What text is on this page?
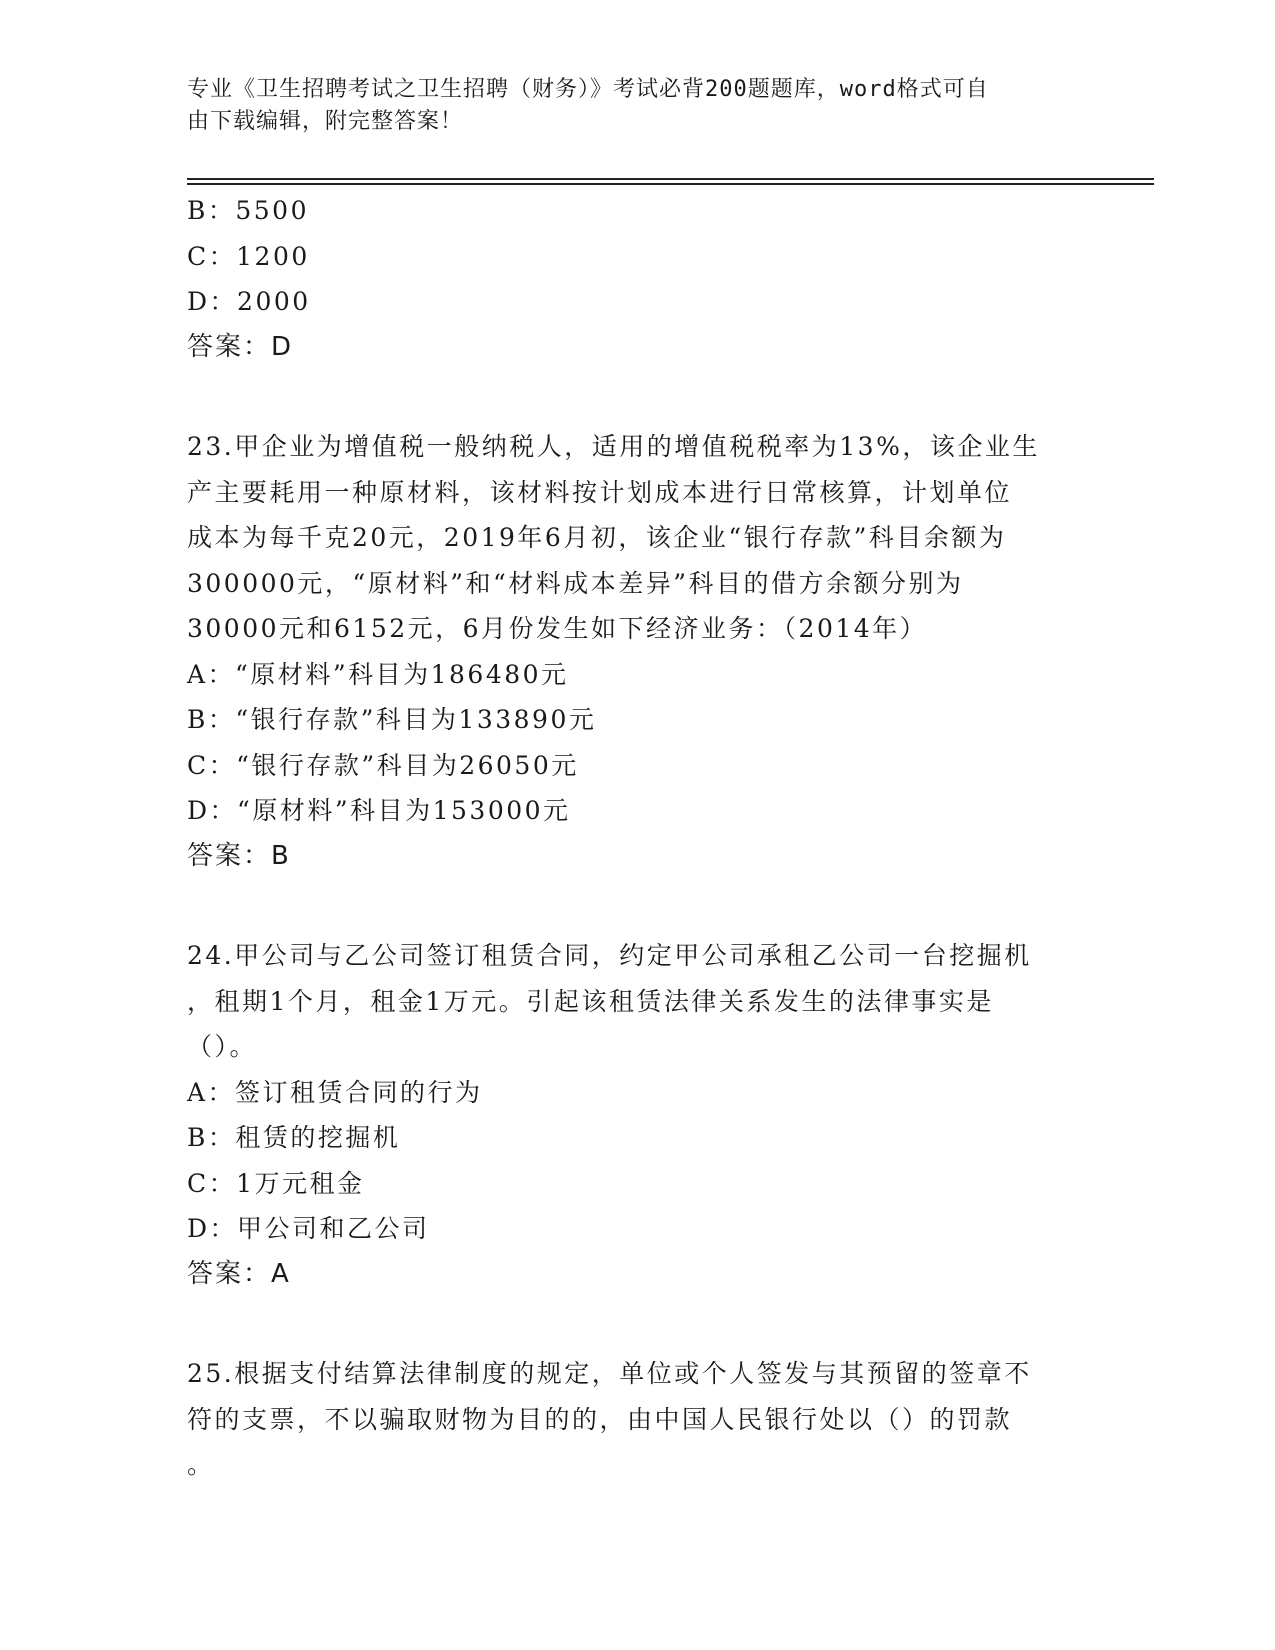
专业《卫生招聘考试之卫生招聘（财务）》考试必背200题题库，word格式可自
由下载编辑，附完整答案！
B：5500
C：1200
D：2000
答案：D
23.甲企业为增值税一般纳税人，适用的增值税税率为13%，该企业生
产主要耗用一种原材料，该材料按计划成本进行日常核算，计划单位
成本为每千克20元，2019年6月初，该企业“银行存款”科目余额为
300000元，“原材料”和“材料成本差异”科目的借方余额分别为
30000元和6152元，6月份发生如下经济业务：（2014年）
A：“原材料”科目为186480元
B：“银行存款”科目为133890元
C：“银行存款”科目为26050元
D：“原材料”科目为153000元
答案：B
24.甲公司与乙公司签订租赁合同，约定甲公司承租乙公司一台挖掘机
，租期1个月，租金1万元。引起该租赁法律关系发生的法律事实是
（）。
A：签订租赁合同的行为
B：租赁的挖掘机
C：1万元租金
D：甲公司和乙公司
答案：A
25.根据支付结算法律制度的规定，单位或个人签发与其预留的签章不
符的支票，不以骗取财物为目的的，由中国人民银行处以（）的罚款
。
